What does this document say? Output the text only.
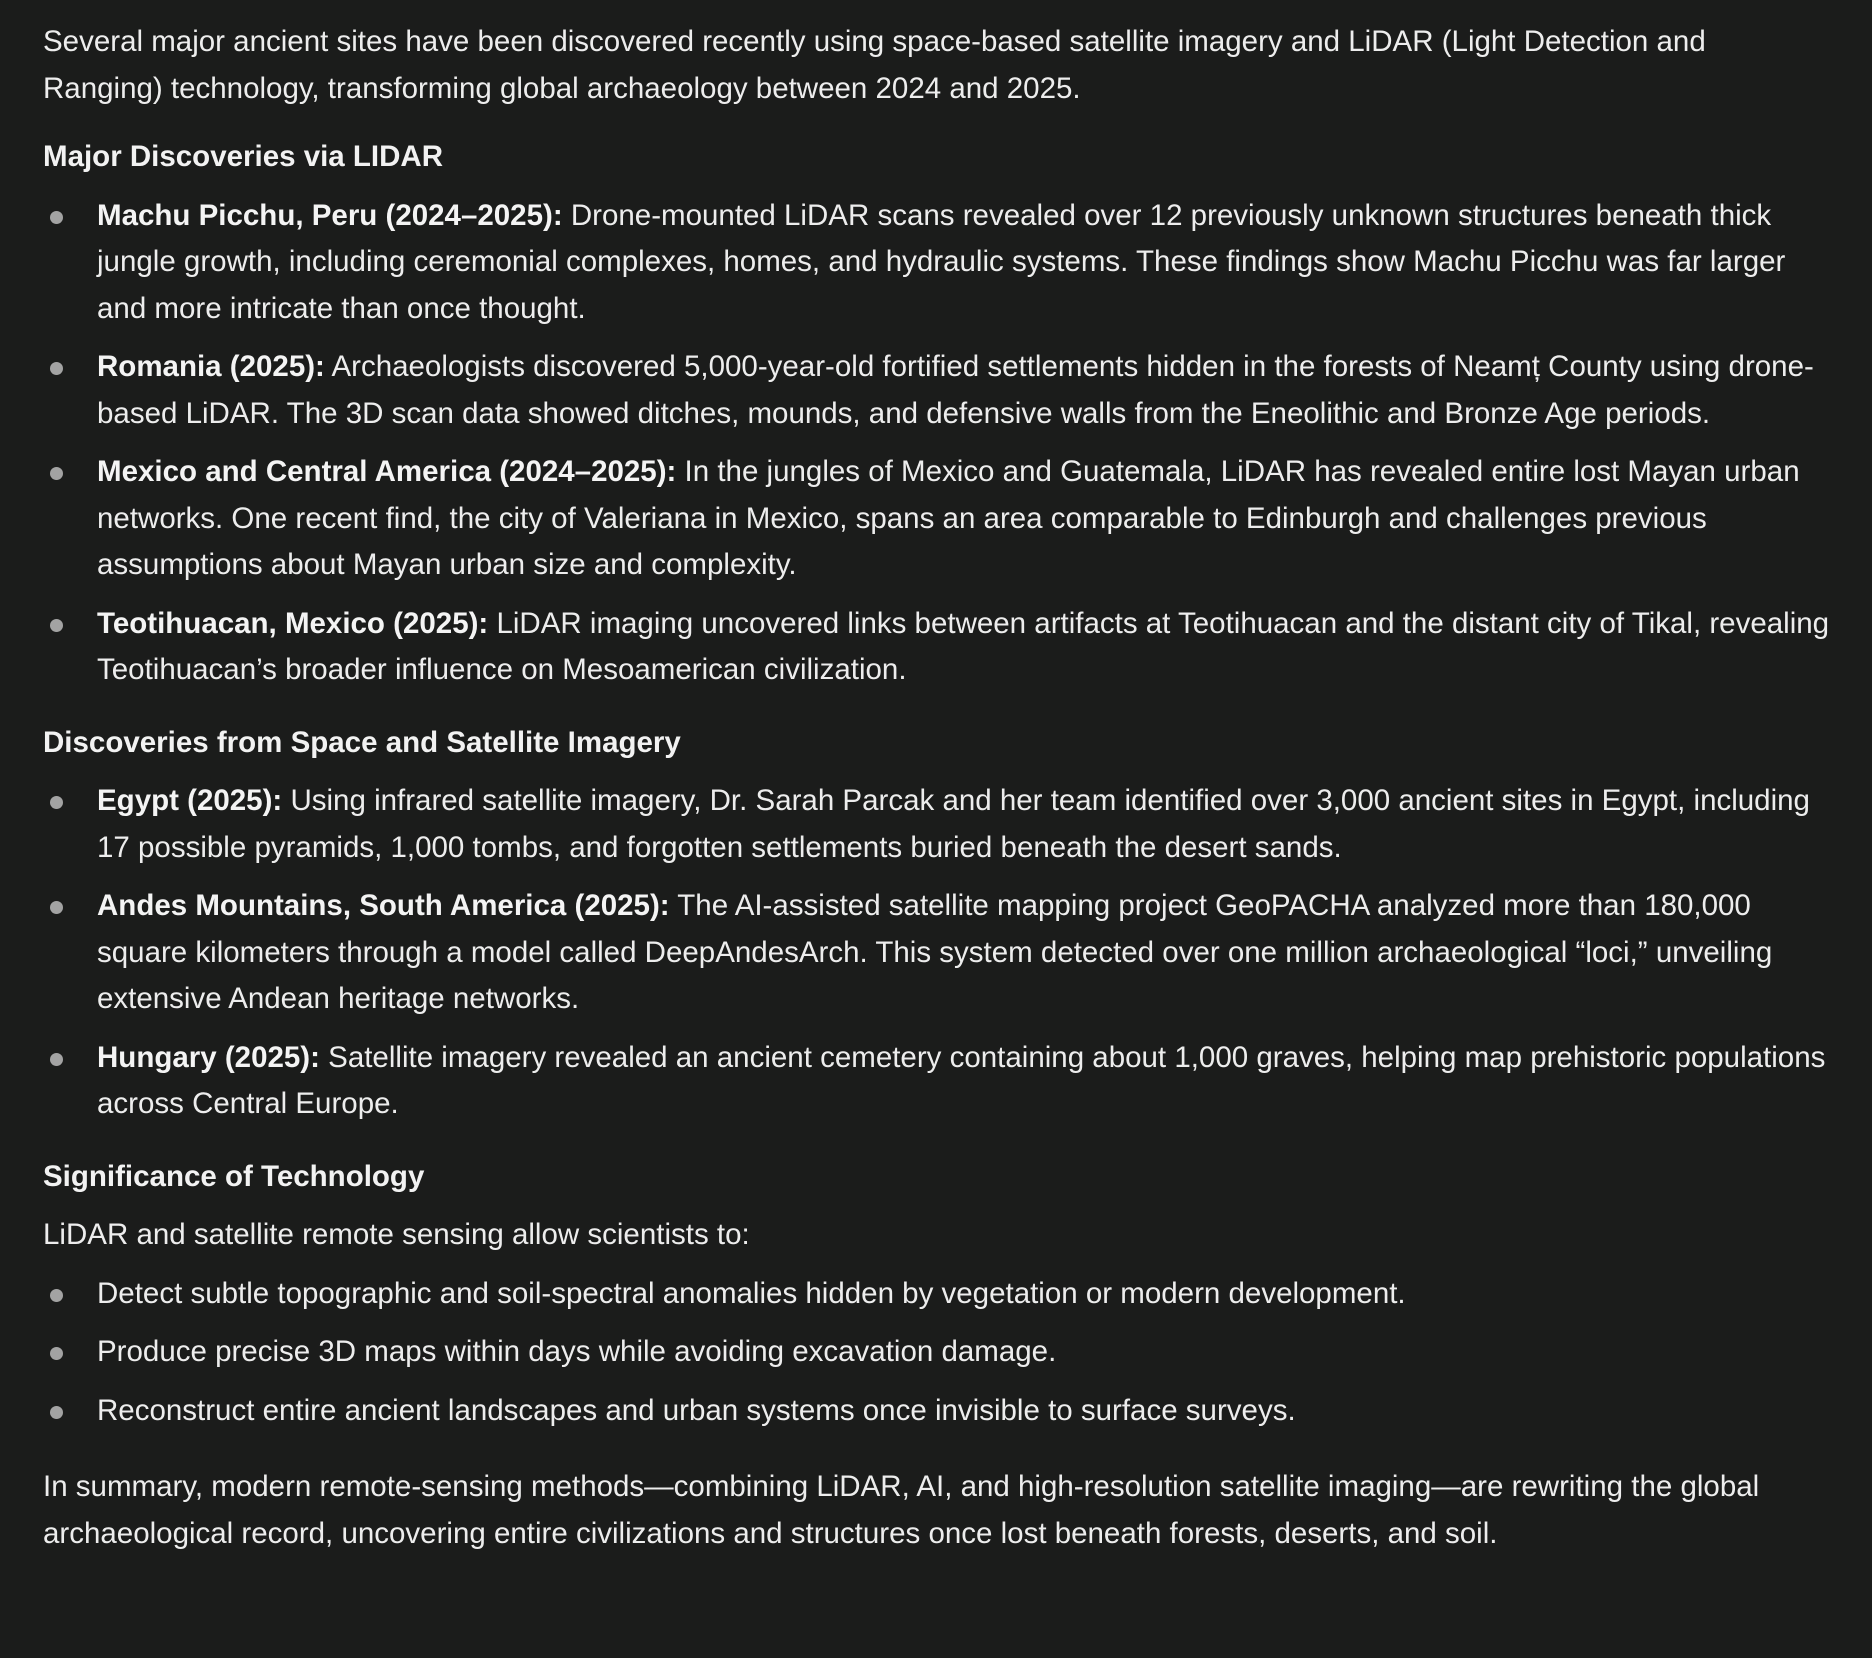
Several major ancient sites have been discovered recently using space-based satellite imagery and LiDAR (Light Detection and Ranging) technology, transforming global archaeology between 2024 and 2025.

Major Discoveries via LIDAR
Machu Picchu, Peru (2024–2025): Drone-mounted LiDAR scans revealed over 12 previously unknown structures beneath thick jungle growth, including ceremonial complexes, homes, and hydraulic systems. These findings show Machu Picchu was far larger and more intricate than once thought.
Romania (2025): Archaeologists discovered 5,000-year-old fortified settlements hidden in the forests of Neamț County using drone-based LiDAR. The 3D scan data showed ditches, mounds, and defensive walls from the Eneolithic and Bronze Age periods.
Mexico and Central America (2024–2025): In the jungles of Mexico and Guatemala, LiDAR has revealed entire lost Mayan urban networks. One recent find, the city of Valeriana in Mexico, spans an area comparable to Edinburgh and challenges previous assumptions about Mayan urban size and complexity.
Teotihuacan, Mexico (2025): LiDAR imaging uncovered links between artifacts at Teotihuacan and the distant city of Tikal, revealing Teotihuacan’s broader influence on Mesoamerican civilization.
Discoveries from Space and Satellite Imagery
Egypt (2025): Using infrared satellite imagery, Dr. Sarah Parcak and her team identified over 3,000 ancient sites in Egypt, including 17 possible pyramids, 1,000 tombs, and forgotten settlements buried beneath the desert sands.
Andes Mountains, South America (2025): The AI-assisted satellite mapping project GeoPACHA analyzed more than 180,000 square kilometers through a model called DeepAndesArch. This system detected over one million archaeological “loci,” unveiling extensive Andean heritage networks.
Hungary (2025): Satellite imagery revealed an ancient cemetery containing about 1,000 graves, helping map prehistoric populations across Central Europe.
Significance of Technology

LiDAR and satellite remote sensing allow scientists to:

Detect subtle topographic and soil-spectral anomalies hidden by vegetation or modern development.
Produce precise 3D maps within days while avoiding excavation damage.
Reconstruct entire ancient landscapes and urban systems once invisible to surface surveys.

In summary, modern remote-sensing methods—combining LiDAR, AI, and high-resolution satellite imaging—are rewriting the global archaeological record, uncovering entire civilizations and structures once lost beneath forests, deserts, and soil.
